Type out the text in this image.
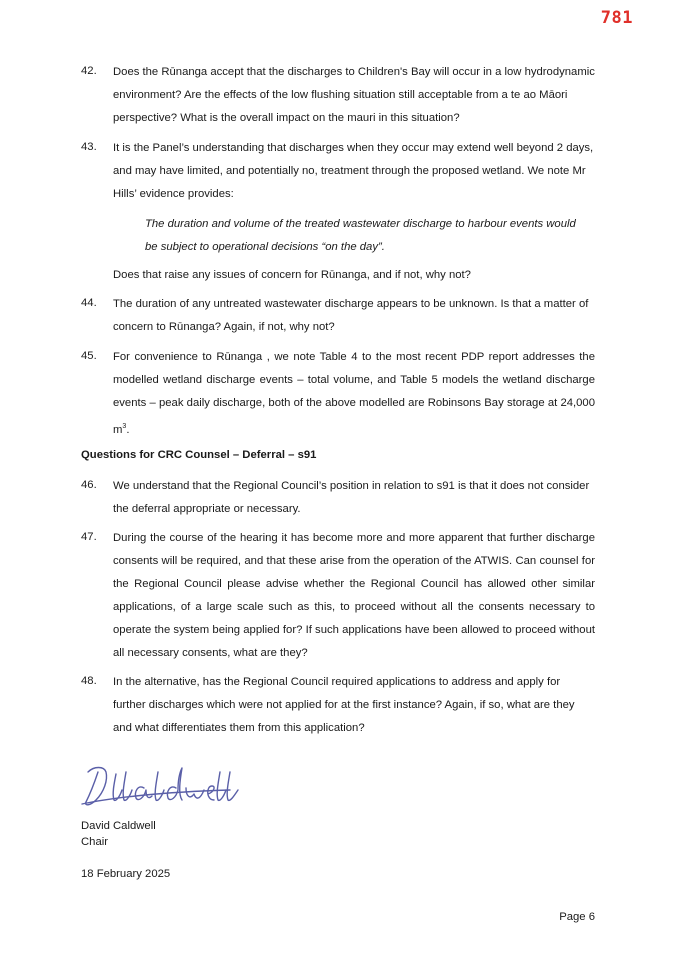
781
42. Does the Rūnanga accept that the discharges to Children's Bay will occur in a low hydrodynamic environment? Are the effects of the low flushing situation still acceptable from a te ao Māori perspective? What is the overall impact on the mauri in this situation?
43. It is the Panel’s understanding that discharges when they occur may extend well beyond 2 days, and may have limited, and potentially no, treatment through the proposed wetland. We note Mr Hills’ evidence provides:
The duration and volume of the treated wastewater discharge to harbour events would be subject to operational decisions “on the day”.
Does that raise any issues of concern for Rūnanga, and if not, why not?
44. The duration of any untreated wastewater discharge appears to be unknown. Is that a matter of concern to Rūnanga? Again, if not, why not?
45. For convenience to Rūnanga , we note Table 4 to the most recent PDP report addresses the modelled wetland discharge events – total volume, and Table 5 models the wetland discharge events – peak daily discharge, both of the above modelled are Robinsons Bay storage at 24,000 $m^3$.
Questions for CRC Counsel – Deferral – s91
46. We understand that the Regional Council’s position in relation to s91 is that it does not consider the deferral appropriate or necessary.
47. During the course of the hearing it has become more and more apparent that further discharge consents will be required, and that these arise from the operation of the ATWIS. Can counsel for the Regional Council please advise whether the Regional Council has allowed other similar applications, of a large scale such as this, to proceed without all the consents necessary to operate the system being applied for? If such applications have been allowed to proceed without all necessary consents, what are they?
48. In the alternative, has the Regional Council required applications to address and apply for further discharges which were not applied for at the first instance? Again, if so, what are they and what differentiates them from this application?
David Caldwell
Chair
18 February 2025
Page 6
